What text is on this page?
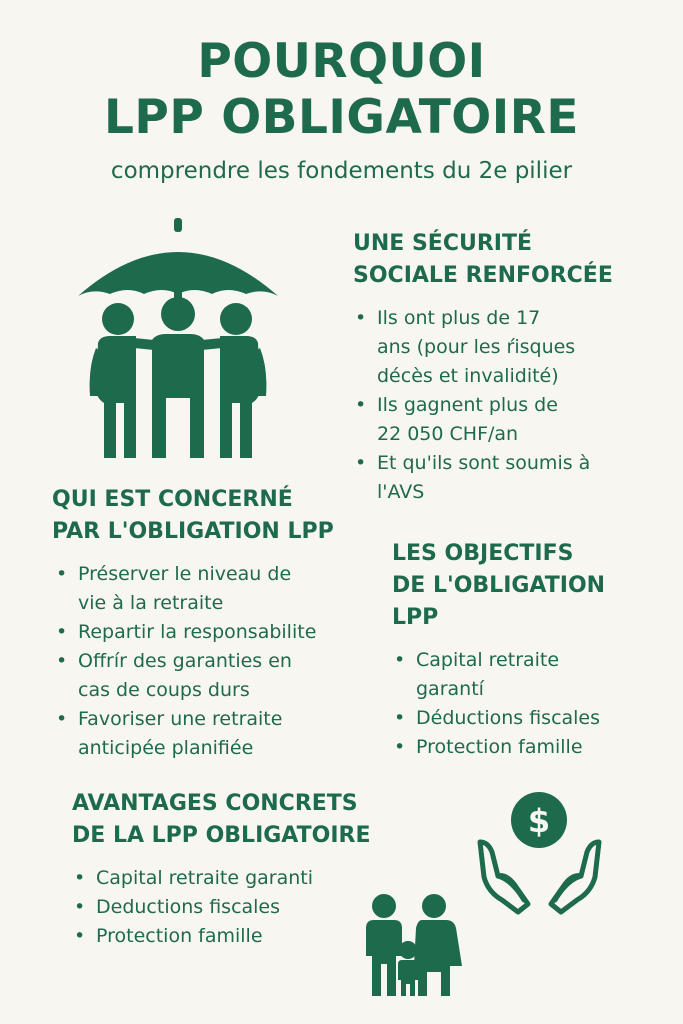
POURQUOI
LPP OBLIGATOIRE
comprendre les fondements du 2e pilier
UNE SÉCURITÉ
SOCIALE RENFORCÉE
• Ils ont plus de 17 ans (pour les ŕisques décès et invalidité)
• Ils gagnent plus de 22 050 CHF/an
• Et qu'ils sont soumis à l'AVS
QUI EST CONCERNÉ
PAR L'OBLIGATION LPP
• Préserver le niveau de vie à la retraite
• Repartir la responsabilite
• Offrír des garanties en cas de coups durs
• Favoriser une retraite anticipée planifiée
LES OBJECTIFS
DE L'OBLIGATION
LPP
• Capital retraite garantí
• Déductions fiscales
• Protection famille
AVANTAGES CONCRETS
DE LA LPP OBLIGATOIRE
• Capital retraite garanti
• Deductions fiscales
• Protection famille
$
